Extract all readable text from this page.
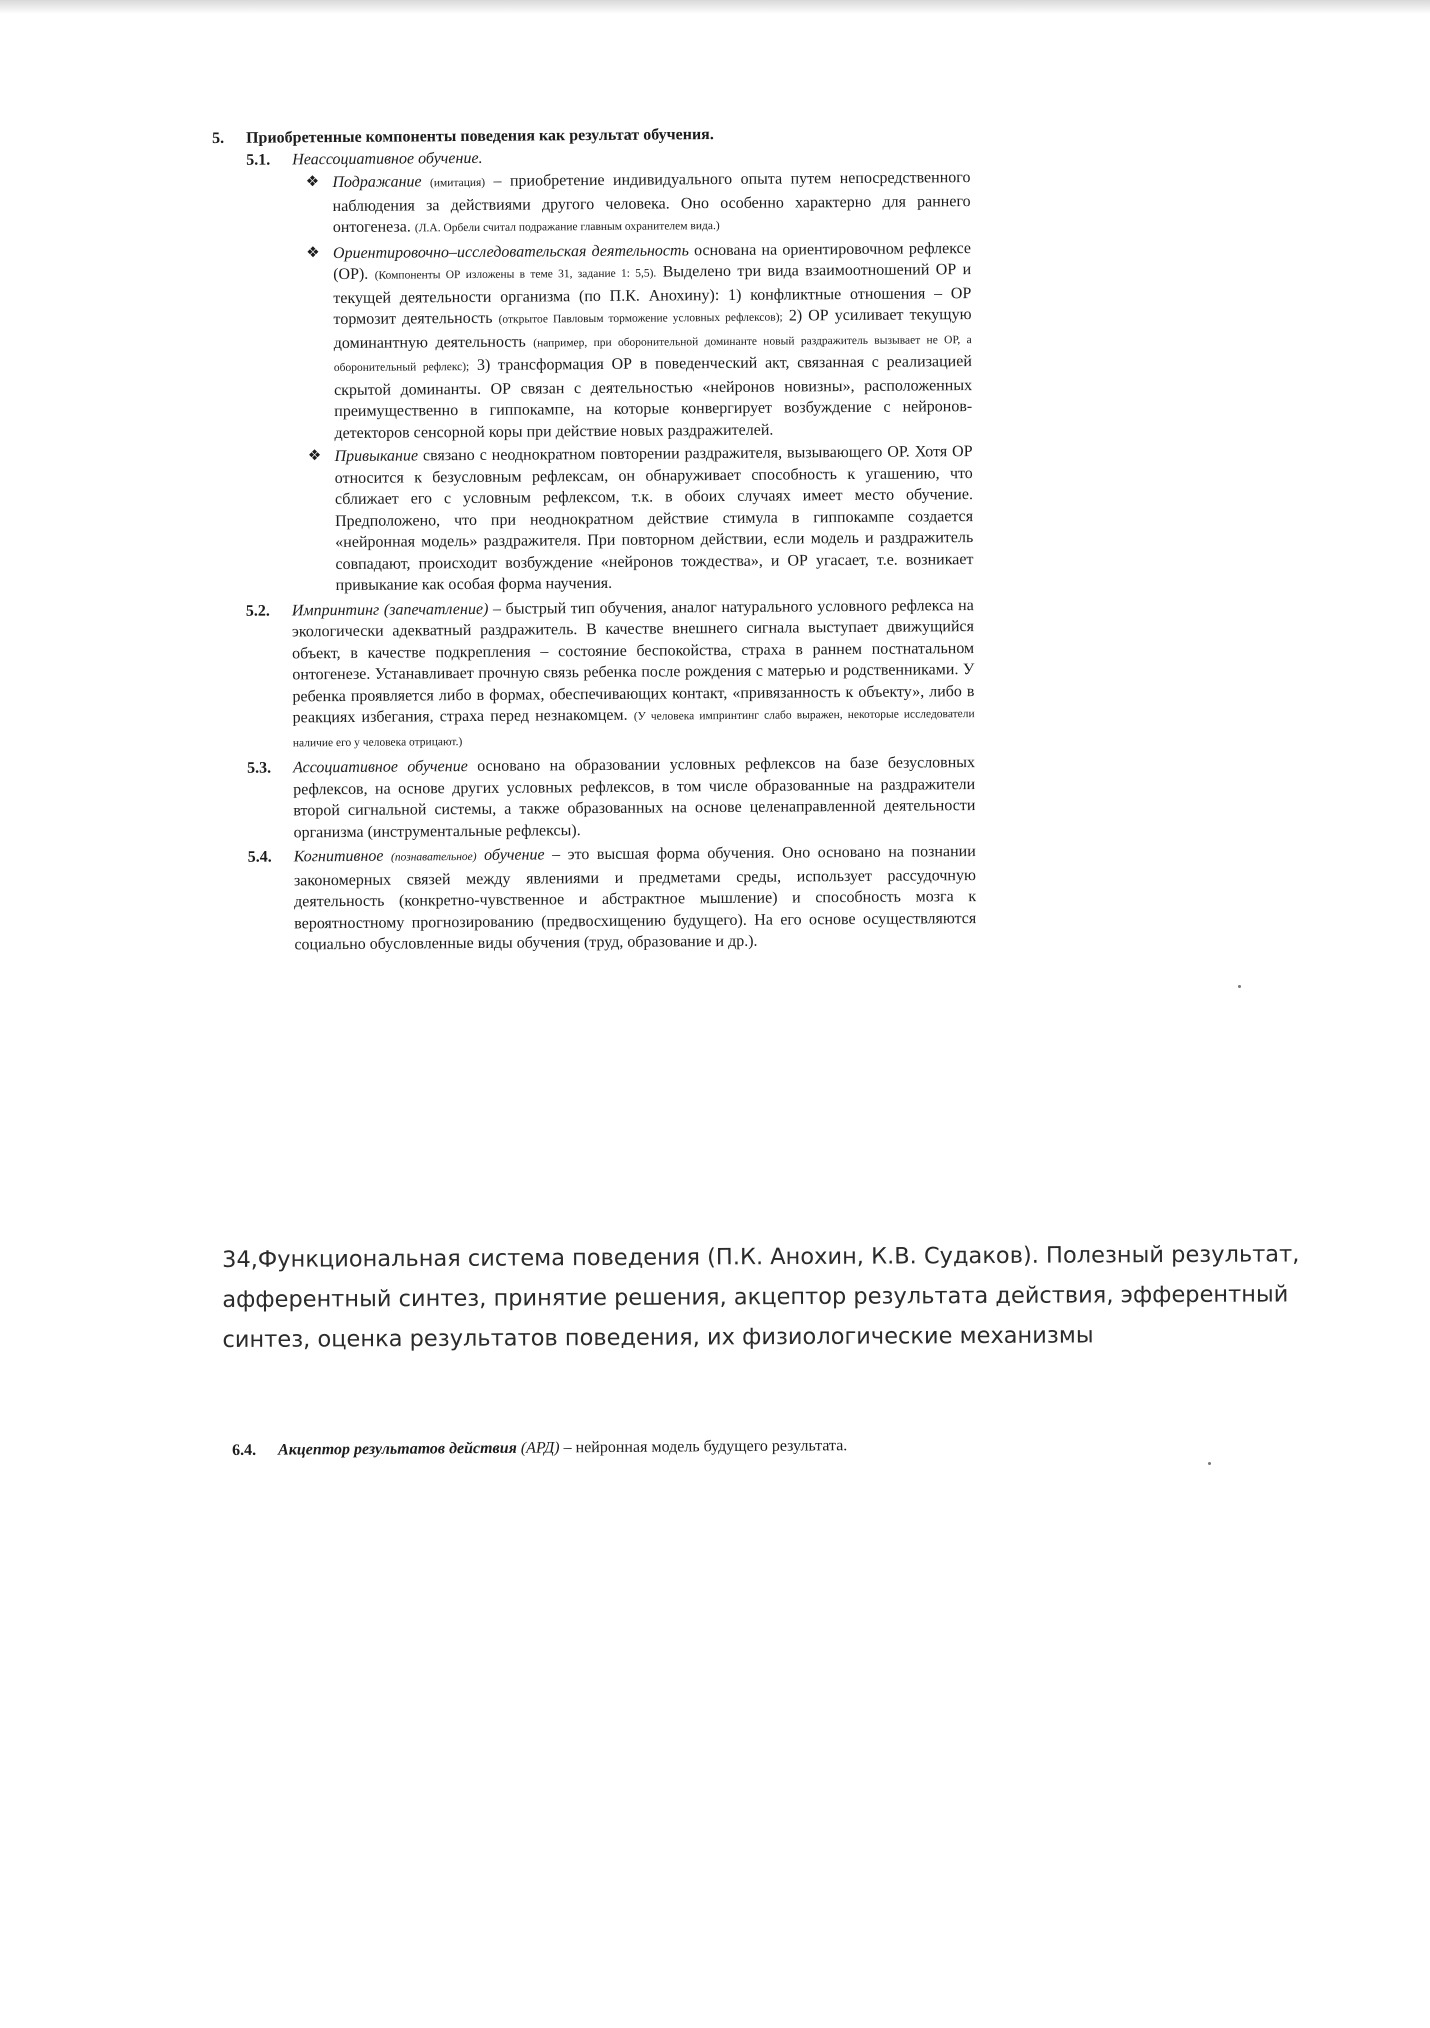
5.	Приобретенные компоненты поведения как результат обучения.
5.1.	Неассоциативное обучение.
❖ Подражание (имитация) – приобретение индивидуального опыта путем непосредственного наблюдения за действиями другого человека. Оно особенно характерно для раннего онтогенеза. (Л.А. Орбели считал подражание главным охранителем вида.)
❖ Ориентировочно–исследовательская деятельность основана на ориентировочном рефлексе (ОР). (Компоненты ОР изложены в теме 31, задание 1: 5,5). Выделено три вида взаимоотношений ОР и текущей деятельности организма (по П.К. Анохину): 1) конфликтные отношения – ОР тормозит деятельность (открытое Павловым торможение условных рефлексов); 2) ОР усиливает текущую доминантную деятельность (например, при оборонительной доминанте новый раздражитель вызывает не ОР, а оборонительный рефлекс); 3) трансформация ОР в поведенческий акт, связанная с реализацией скрытой доминанты. ОР связан с деятельностью «нейронов новизны», расположенных преимущественно в гиппокампе, на которые конвергирует возбуждение с нейронов-детекторов сенсорной коры при действие новых раздражителей.
❖ Привыкание связано с неоднократном повторении раздражителя, вызывающего ОР. Хотя ОР относится к безусловным рефлексам, он обнаруживает способность к угашению, что сближает его с условным рефлексом, т.к. в обоих случаях имеет место обучение. Предположено, что при неоднократном действие стимула в гиппокампе создается «нейронная модель» раздражителя. При повторном действии, если модель и раздражитель совпадают, происходит возбуждение «нейронов тождества», и ОР угасает, т.е. возникает привыкание как особая форма научения.
5.2.	Импринтинг (запечатление) – быстрый тип обучения, аналог натурального условного рефлекса на экологически адекватный раздражитель. В качестве внешнего сигнала выступает движущийся объект, в качестве подкрепления – состояние беспокойства, страха в раннем постнатальном онтогенезе. Устанавливает прочную связь ребенка после рождения с матерью и родственниками. У ребенка проявляется либо в формах, обеспечивающих контакт, «привязанность к объекту», либо в реакциях избегания, страха перед незнакомцем. (У человека импринтинг слабо выражен, некоторые исследователи наличие его у человека отрицают.)
5.3.	Ассоциативное обучение основано на образовании условных рефлексов на базе безусловных рефлексов, на основе других условных рефлексов, в том числе образованные на раздражители второй сигнальной системы, а также образованных на основе целенаправленной деятельности организма (инструментальные рефлексы).
5.4.	Когнитивное (познавательное) обучение – это высшая форма обучения. Оно основано на познании закономерных связей между явлениями и предметами среды, использует рассудочную деятельность (конкретно-чувственное и абстрактное мышление) и способность мозга к вероятностному прогнозированию (предвосхищению будущего). На его основе осуществляются социально обусловленные виды обучения (труд, образование и др.).
34,Функциональная система поведения (П.К. Анохин, К.В. Судаков). Полезный результат, афферентный синтез, принятие решения, акцептор результата действия, эфферентный синтез, оценка результатов поведения, их физиологические механизмы
6.4.	Акцептор результатов действия (АРД) – нейронная модель будущего результата.
